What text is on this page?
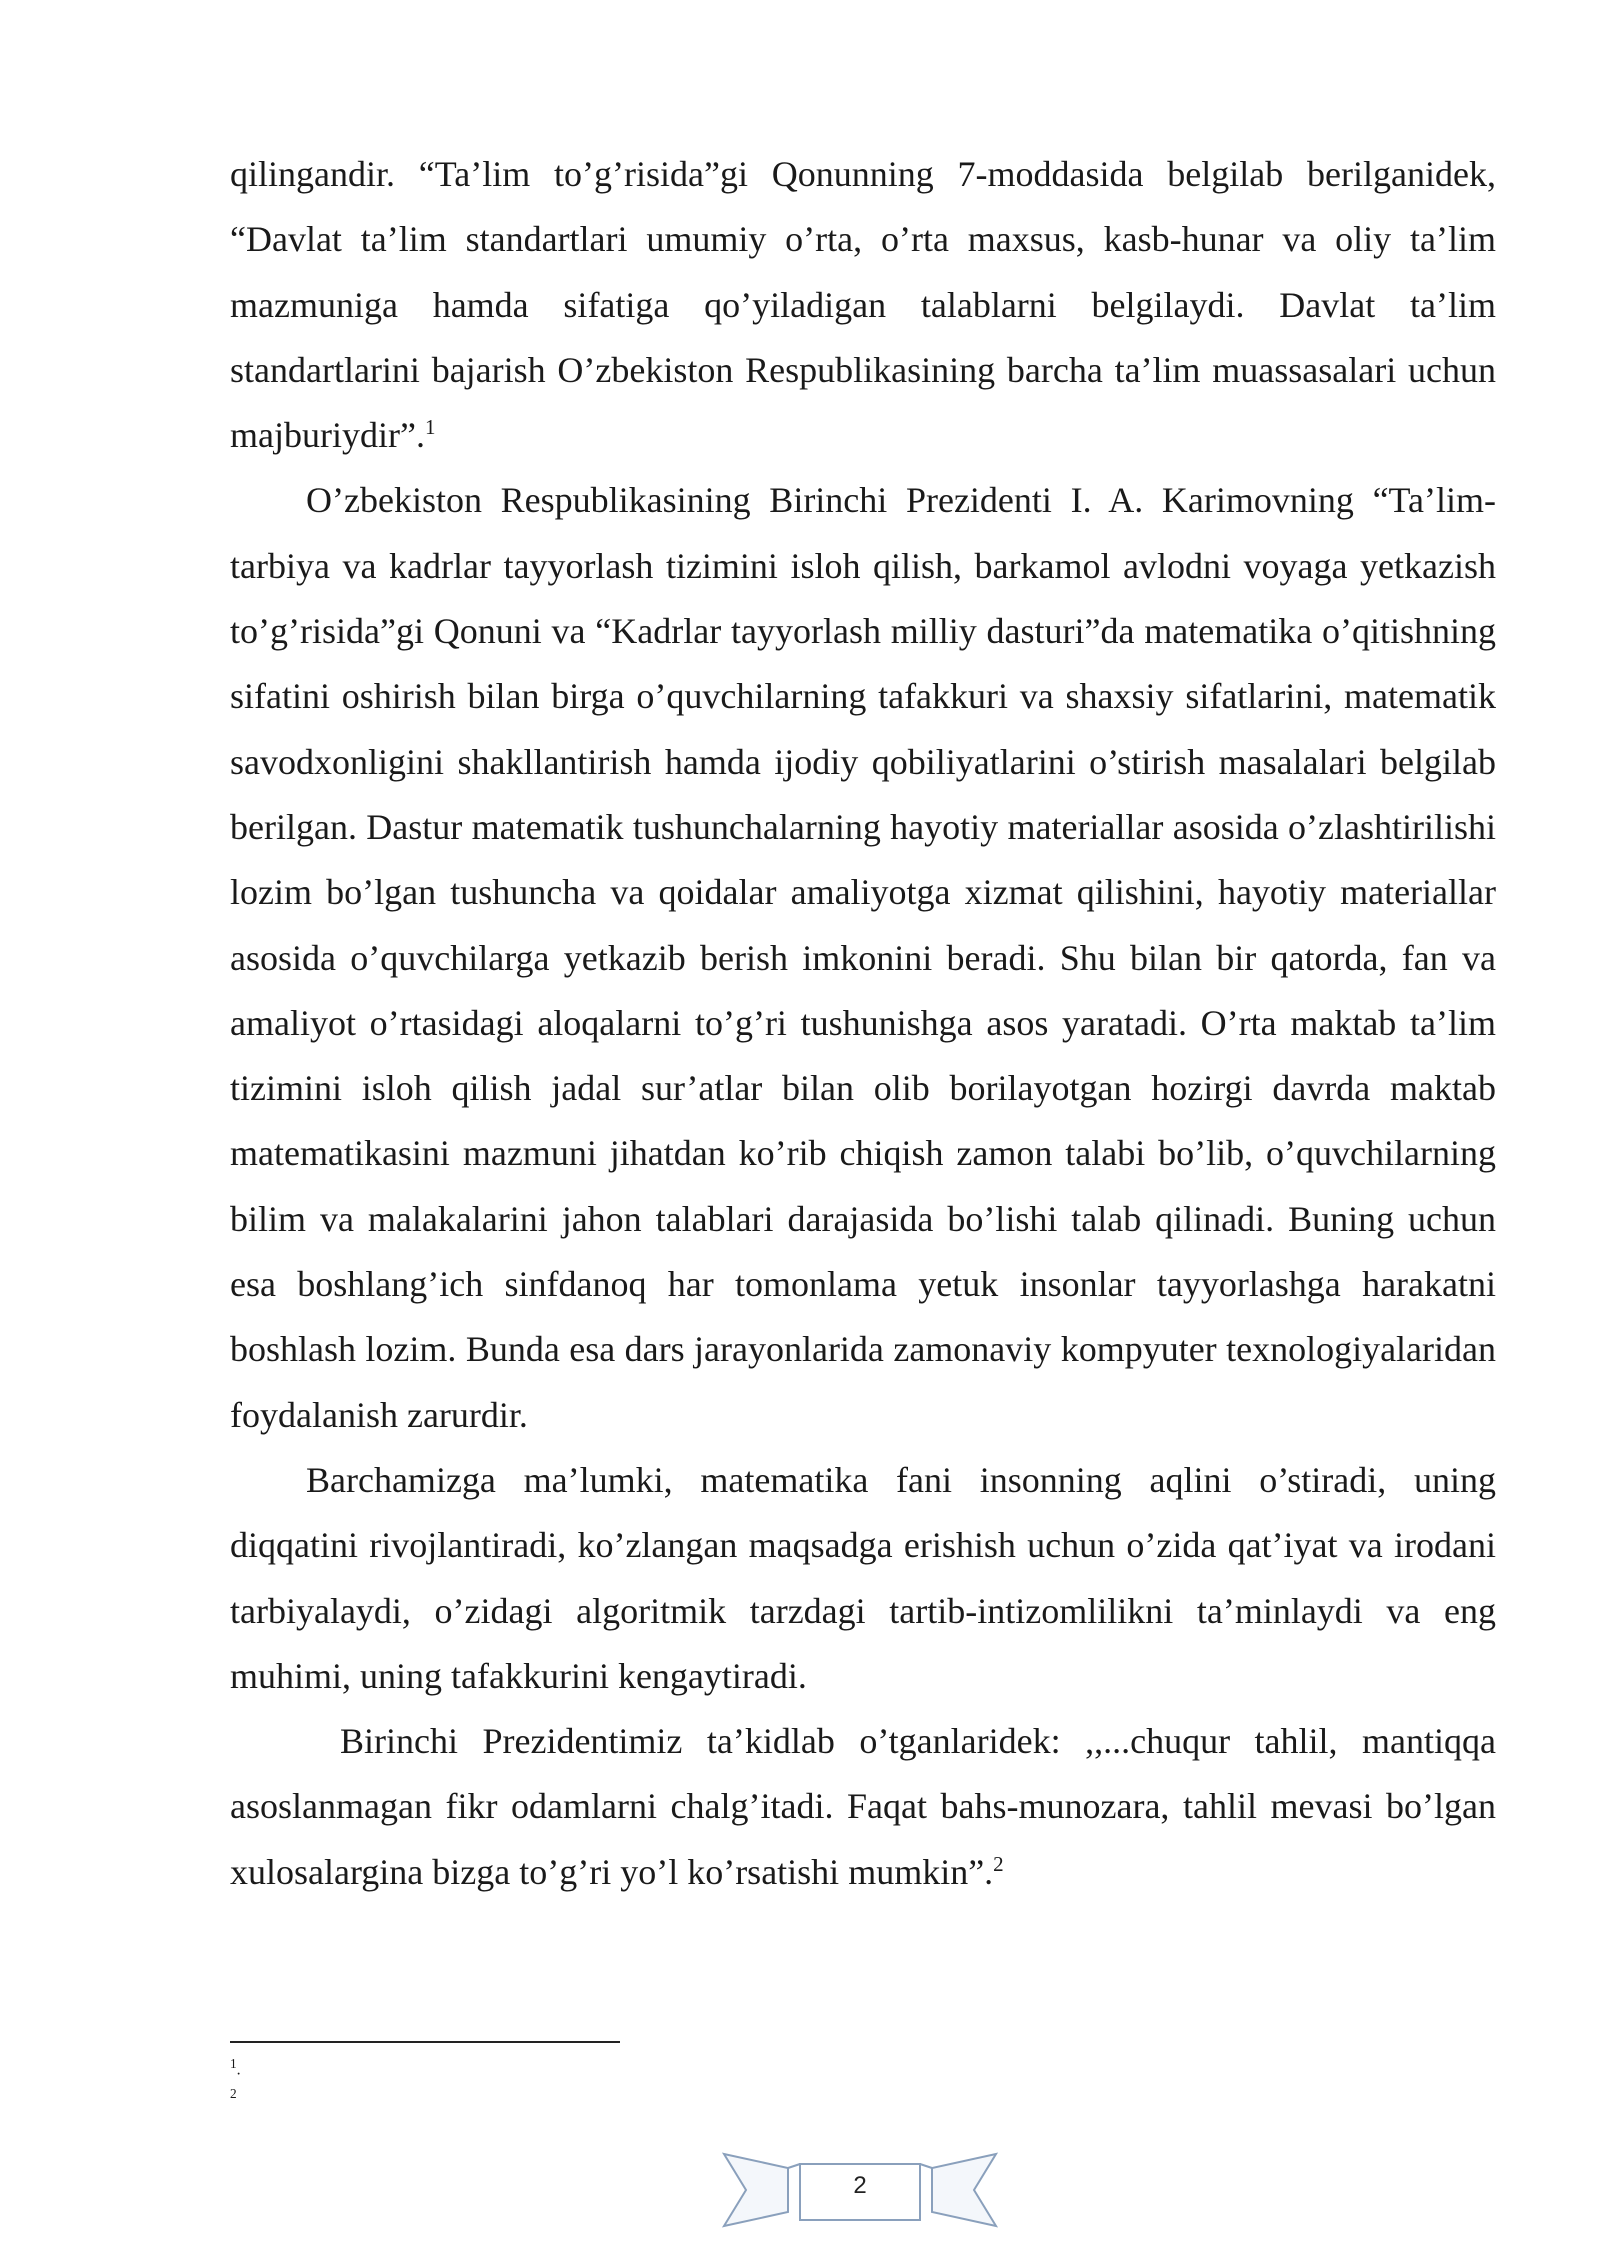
qilingandir. “Ta’lim to’g’risida”gi Qonunning 7-moddasida belgilab berilganidek, “Davlat ta’lim standartlari umumiy o’rta, o’rta maxsus, kasb-hunar va oliy ta’lim mazmuniga hamda sifatiga qo’yiladigan talablarni belgilaydi. Davlat ta’lim standartlarini bajarish O’zbekiston Respublikasining barcha ta’lim muassasalari uchun majburiydir”.$^1$

O’zbekiston Respublikasining Birinchi Prezidenti I. A. Karimovning “Ta’lim-tarbiya va kadrlar tayyorlash tizimini isloh qilish, barkamol avlodni voyaga yetkazish to’g’risida”gi Qonuni va “Kadrlar tayyorlash milliy dasturi”da matematika o’qitishning sifatini oshirish bilan birga o’quvchilarning tafakkuri va shaxsiy sifatlarini, matematik savodxonligini shakllantirish hamda ijodiy qobiliyatlarini o’stirish masalalari belgilab berilgan. Dastur matematik tushunchalarning hayotiy materiallar asosida o’zlashtirilishi lozim bo’lgan tushuncha va qoidalar amaliyotga xizmat qilishini, hayotiy materiallar asosida o’quvchilarga yetkazib berish imkonini beradi. Shu bilan bir qatorda, fan va amaliyot o’rtasidagi aloqalarni to’g’ri tushunishga asos yaratadi. O’rta maktab ta’lim tizimini isloh qilish jadal sur’atlar bilan olib borilayotgan hozirgi davrda maktab matematikasini mazmuni jihatdan ko’rib chiqish zamon talabi bo’lib, o’quvchilarning bilim va malakalarini jahon talablari darajasida bo’lishi talab qilinadi. Buning uchun esa boshlang’ich sinfdanoq har tomonlama yetuk insonlar tayyorlashga harakatni boshlash lozim. Bunda esa dars jarayonlarida zamonaviy kompyuter texnologiyalaridan foydalanish zarurdir.

Barchamizga ma’lumki, matematika fani insonning aqlini o’stiradi, uning diqqatini rivojlantiradi, ko’zlangan maqsadga erishish uchun o’zida qat’iyat va irodani tarbiyalaydi, o’zidagi algoritmik tarzdagi tartib-intizomlilikni ta’minlaydi va eng muhimi, uning tafakkurini kengaytiradi.

Birinchi Prezidentimiz ta’kidlab o’tganlaridek: ,,...chuqur tahlil, mantiqqa asoslanmagan fikr odamlarni chalg’itadi. Faqat bahs-munozara, tahlil mevasi bo’lgan xulosalargina bizga to’g’ri yo’l ko’rsatishi mumkin”.$^2$

$^1$.
$^2$
2
